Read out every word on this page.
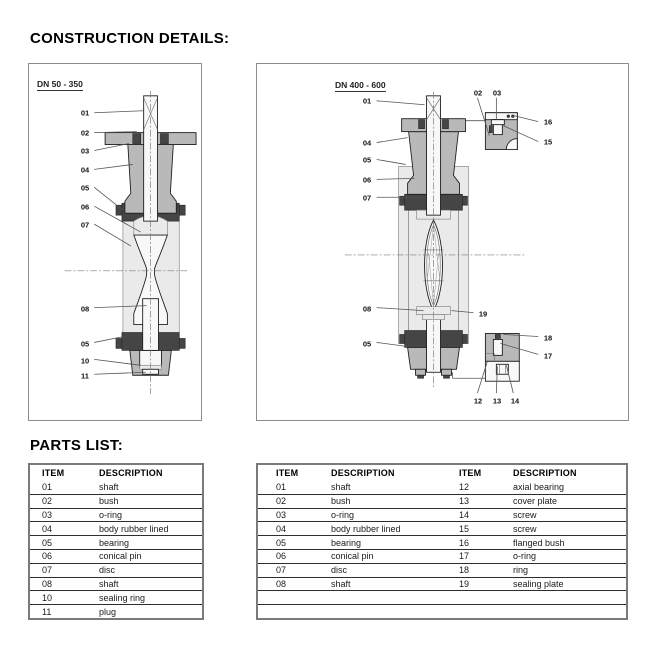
CONSTRUCTION DETAILS:
DN 50 - 350
01
02
03
04
05
06
07
08
05
10
11
DN 400 - 600
01
04
05
06
07
08
05
19
02 03
16
15
18
17
12 13 14
PARTS LIST:
ITEM	DESCRIPTION
01	shaft
02	bush
03	o-ring
04	body rubber lined
05	bearing
06	conical pin
07	disc
08	shaft
10	sealing ring
11	plug
ITEM	DESCRIPTION	ITEM	DESCRIPTION
01	shaft	12	axial bearing
02	bush	13	cover plate
03	o-ring	14	screw
04	body rubber lined	15	screw
05	bearing	16	flanged bush
06	conical pin	17	o-ring
07	disc	18	ring
08	shaft	19	sealing plate
